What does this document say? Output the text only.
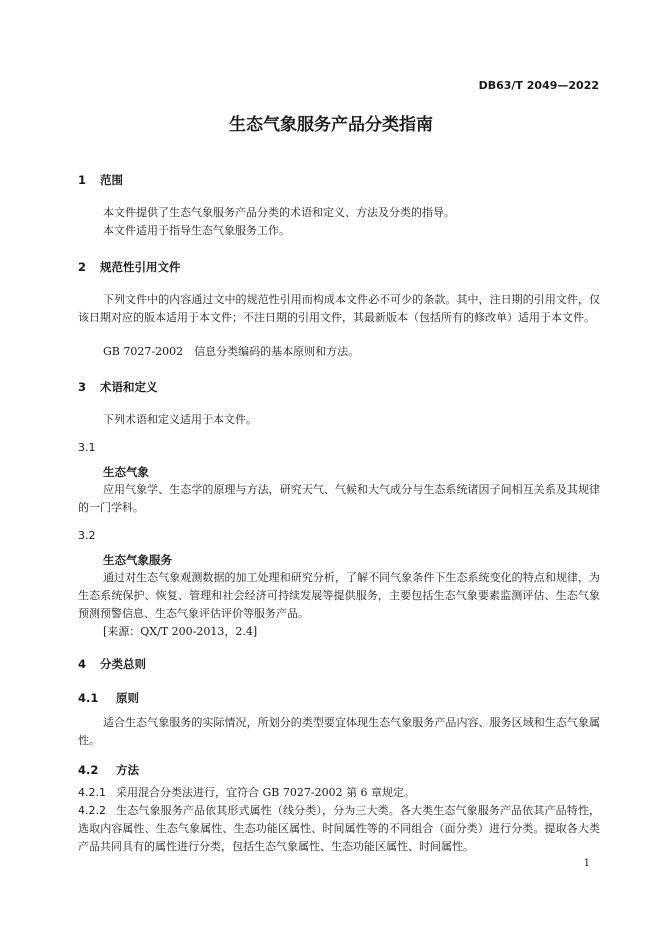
DB63/T 2049—2022
生态气象服务产品分类指南
1 范围
本文件提供了生态气象服务产品分类的术语和定义、方法及分类的指导。
本文件适用于指导生态气象服务工作。
2 规范性引用文件
下列文件中的内容通过文中的规范性引用而构成本文件必不可少的条款。其中，注日期的引用文件，仅该日期对应的版本适用于本文件；不注日期的引用文件，其最新版本（包括所有的修改单）适用于本文件。
GB 7027-2002　信息分类编码的基本原则和方法。
3 术语和定义
下列术语和定义适用于本文件。
3.1
生态气象
应用气象学、生态学的原理与方法，研究天气、气候和大气成分与生态系统诸因子间相互关系及其规律的一门学科。
3.2
生态气象服务
通过对生态气象观测数据的加工处理和研究分析，了解不同气象条件下生态系统变化的特点和规律，为生态系统保护、恢复、管理和社会经济可持续发展等提供服务，主要包括生态气象要素监测评估、生态气象预测预警信息、生态气象评估评价等服务产品。
[来源：QX/T 200-2013，2.4]
4 分类总则
4.1 原则
适合生态气象服务的实际情况，所划分的类型要宜体现生态气象服务产品内容、服务区域和生态气象属性。
4.2 方法
4.2.1 采用混合分类法进行，宜符合 GB 7027-2002 第 6 章规定。
4.2.2 生态气象服务产品依其形式属性（线分类），分为三大类。各大类生态气象服务产品依其产品特性，选取内容属性、生态气象属性、生态功能区属性、时间属性等的不同组合（面分类）进行分类。提取各大类产品共同具有的属性进行分类，包括生态气象属性、生态功能区属性、时间属性。
1
